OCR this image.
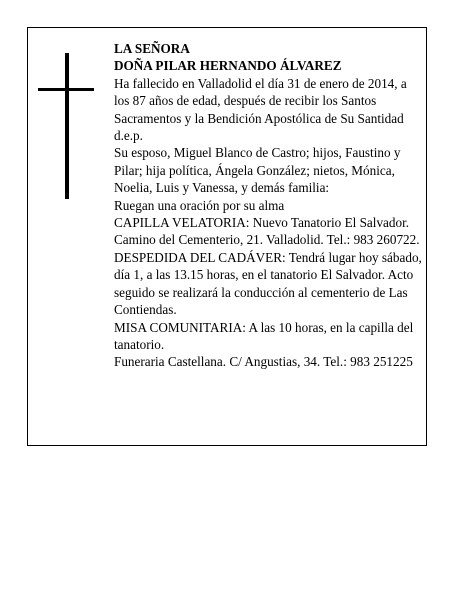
LA SEÑORA

DOÑA PILAR HERNANDO ÁLVAREZ

Ha fallecido en Valladolid el día 31 de enero de 2014, a los 87 años de edad, después de recibir los Santos Sacramentos y la Bendición Apostólica de Su Santidad d.e.p.

Su esposo, Miguel Blanco de Castro; hijos, Faustino y Pilar; hija política, Ángela González; nietos, Mónica, Noelia, Luis y Vanessa, y demás familia:

Ruegan una oración por su alma

CAPILLA VELATORIA: Nuevo Tanatorio El Salvador. Camino del Cementerio, 21. Valladolid. Tel.: 983 260722.

DESPEDIDA DEL CADÁVER: Tendrá lugar hoy sábado, día 1, a las 13.15 horas, en el tanatorio El Salvador. Acto seguido se realizará la conducción al cementerio de Las Contiendas.

MISA COMUNITARIA: A las 10 horas, en la capilla del tanatorio.

Funeraria Castellana. C/ Angustias, 34. Tel.: 983 251225
